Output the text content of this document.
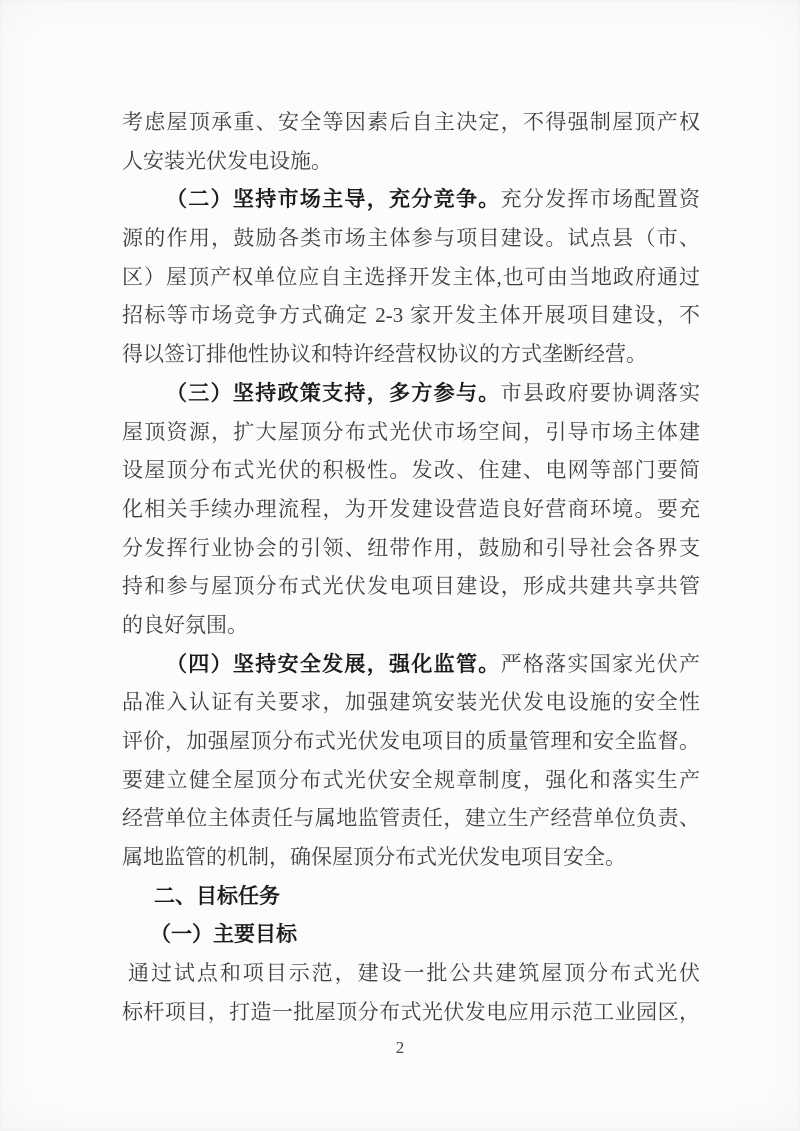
考虑屋顶承重、安全等因素后自主决定，不得强制屋顶产权
人安装光伏发电设施。
（二）坚持市场主导，充分竞争。充分发挥市场配置资
源的作用，鼓励各类市场主体参与项目建设。试点县（市、
区）屋顶产权单位应自主选择开发主体,也可由当地政府通过
招标等市场竞争方式确定 2-3 家开发主体开展项目建设，不
得以签订排他性协议和特许经营权协议的方式垄断经营。
（三）坚持政策支持，多方参与。市县政府要协调落实
屋顶资源，扩大屋顶分布式光伏市场空间，引导市场主体建
设屋顶分布式光伏的积极性。发改、住建、电网等部门要简
化相关手续办理流程，为开发建设营造良好营商环境。要充
分发挥行业协会的引领、纽带作用，鼓励和引导社会各界支
持和参与屋顶分布式光伏发电项目建设，形成共建共享共管
的良好氛围。
（四）坚持安全发展，强化监管。严格落实国家光伏产
品准入认证有关要求，加强建筑安装光伏发电设施的安全性
评价，加强屋顶分布式光伏发电项目的质量管理和安全监督。
要建立健全屋顶分布式光伏安全规章制度，强化和落实生产
经营单位主体责任与属地监管责任，建立生产经营单位负责、
属地监管的机制，确保屋顶分布式光伏发电项目安全。
二、目标任务
（一）主要目标
通过试点和项目示范，建设一批公共建筑屋顶分布式光伏
标杆项目，打造一批屋顶分布式光伏发电应用示范工业园区，
2
